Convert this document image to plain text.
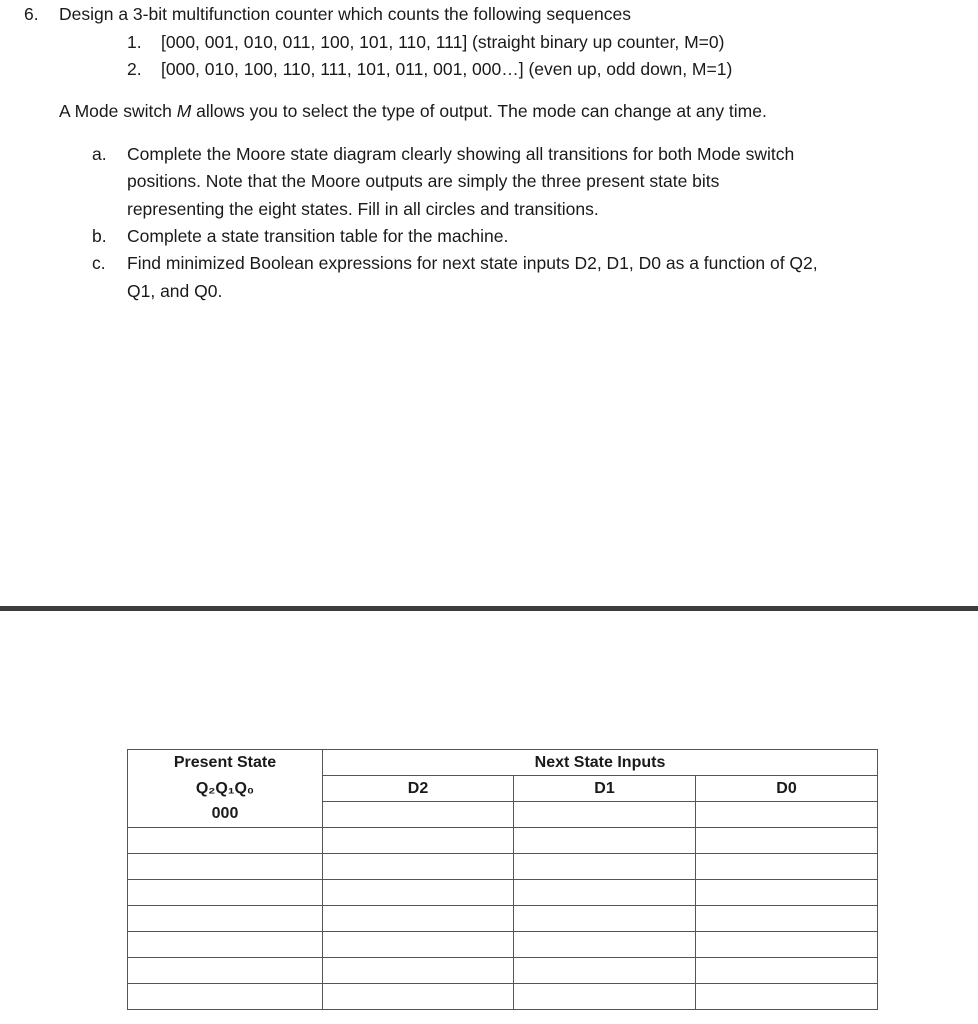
6. Design a 3-bit multifunction counter which counts the following sequences
1. [000, 001, 010, 011, 100, 101, 110, 111] (straight binary up counter, M=0)
2. [000, 010, 100, 110, 111, 101, 011, 001, 000…] (even up, odd down, M=1)
A Mode switch M allows you to select the type of output. The mode can change at any time.
a. Complete the Moore state diagram clearly showing all transitions for both Mode switch
positions. Note that the Moore outputs are simply the three present state bits
representing the eight states. Fill in all circles and transitions.
b. Complete a state transition table for the machine.
c. Find minimized Boolean expressions for next state inputs D2, D1, D0 as a function of Q2,
Q1, and Q0.
Present State	Next State Inputs		
Q₂Q₁Q₀	D2	D1	D0
000			
